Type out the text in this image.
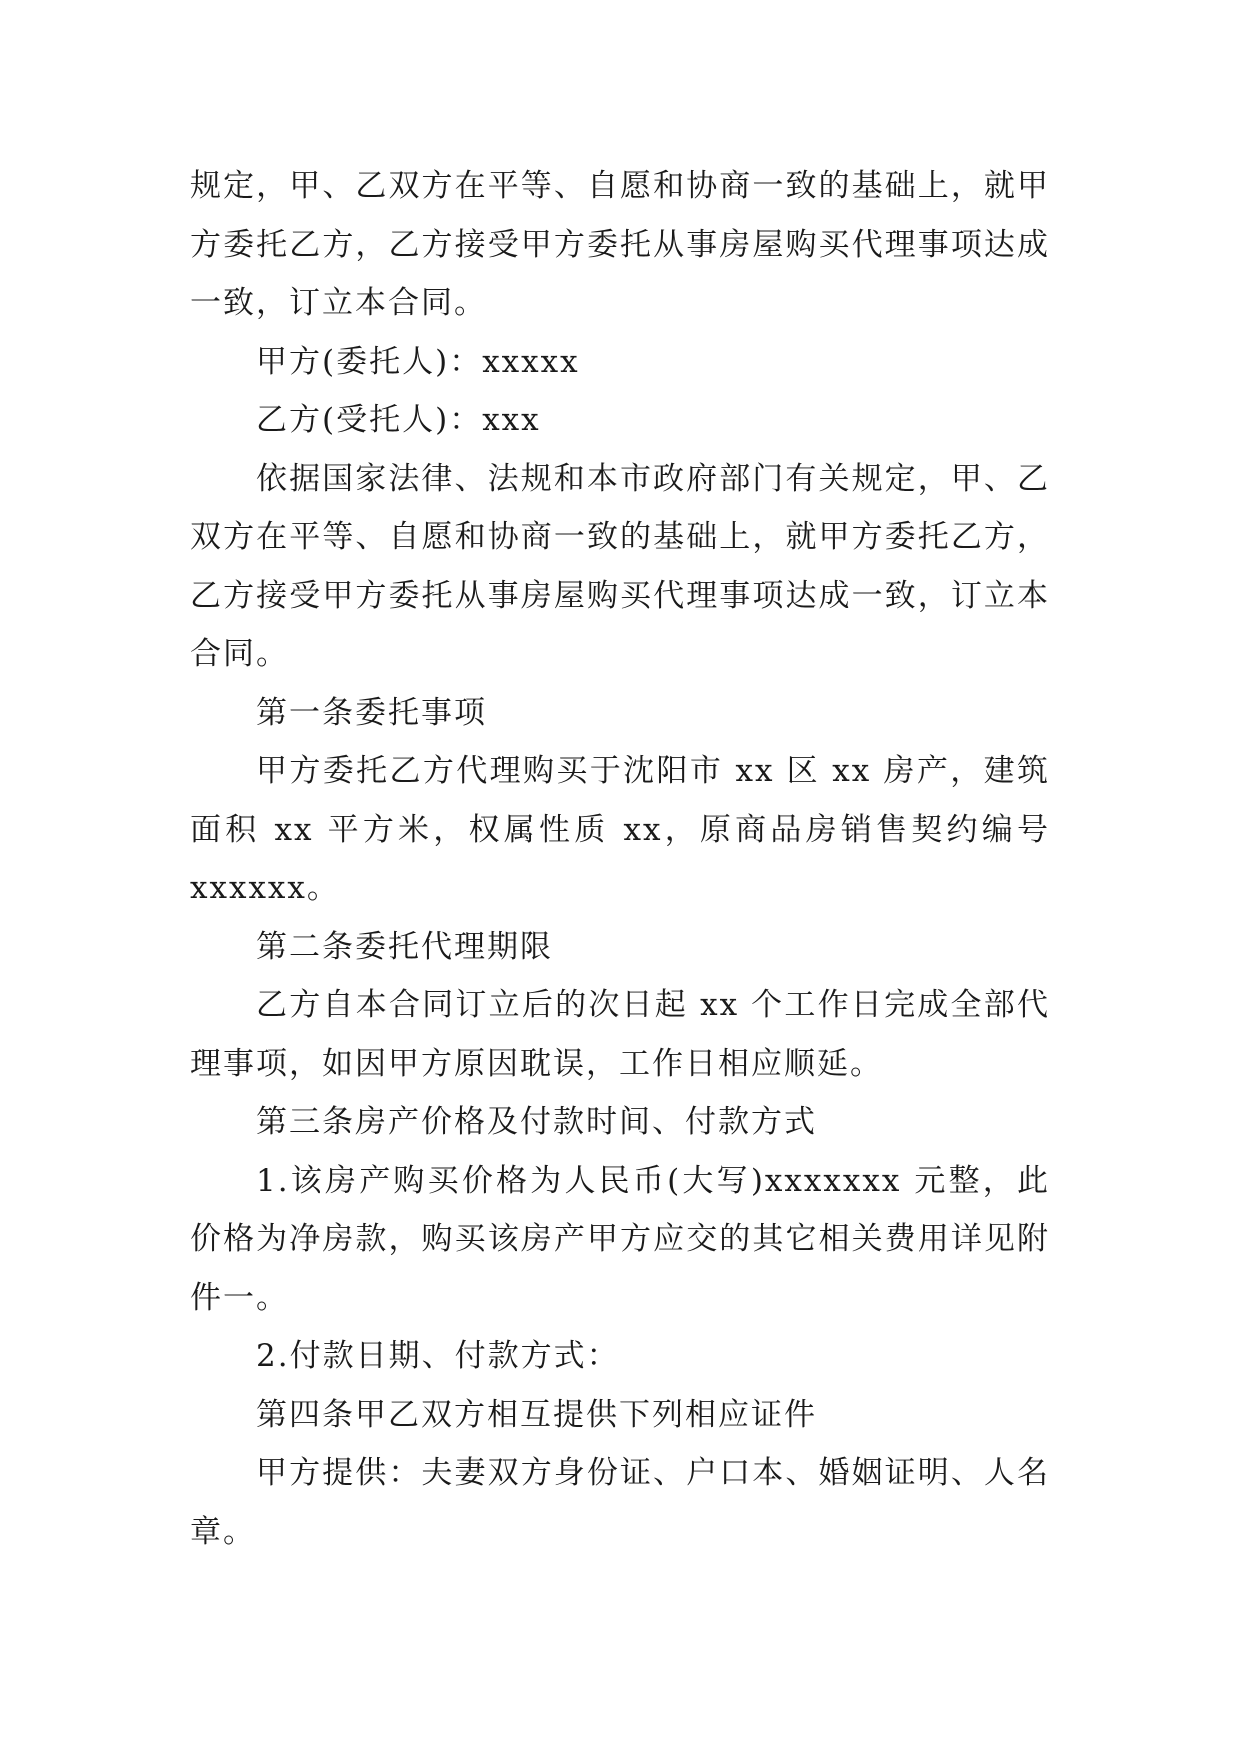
规定，甲、乙双方在平等、自愿和协商一致的基础上，就甲方委托乙方，乙方接受甲方委托从事房屋购买代理事项达成一致，订立本合同。

甲方(委托人)：xxxxx

乙方(受托人)：xxx

依据国家法律、法规和本市政府部门有关规定，甲、乙双方在平等、自愿和协商一致的基础上，就甲方委托乙方，乙方接受甲方委托从事房屋购买代理事项达成一致，订立本合同。

第一条委托事项

甲方委托乙方代理购买于沈阳市 xx 区 xx 房产，建筑面积 xx 平方米，权属性质 xx，原商品房销售契约编号xxxxxx。

第二条委托代理期限

乙方自本合同订立后的次日起 xx 个工作日完成全部代理事项，如因甲方原因耽误，工作日相应顺延。

第三条房产价格及付款时间、付款方式

1.该房产购买价格为人民币(大写)xxxxxxx 元整，此价格为净房款，购买该房产甲方应交的其它相关费用详见附件一。

2.付款日期、付款方式：

第四条甲乙双方相互提供下列相应证件

甲方提供：夫妻双方身份证、户口本、婚姻证明、人名章。
